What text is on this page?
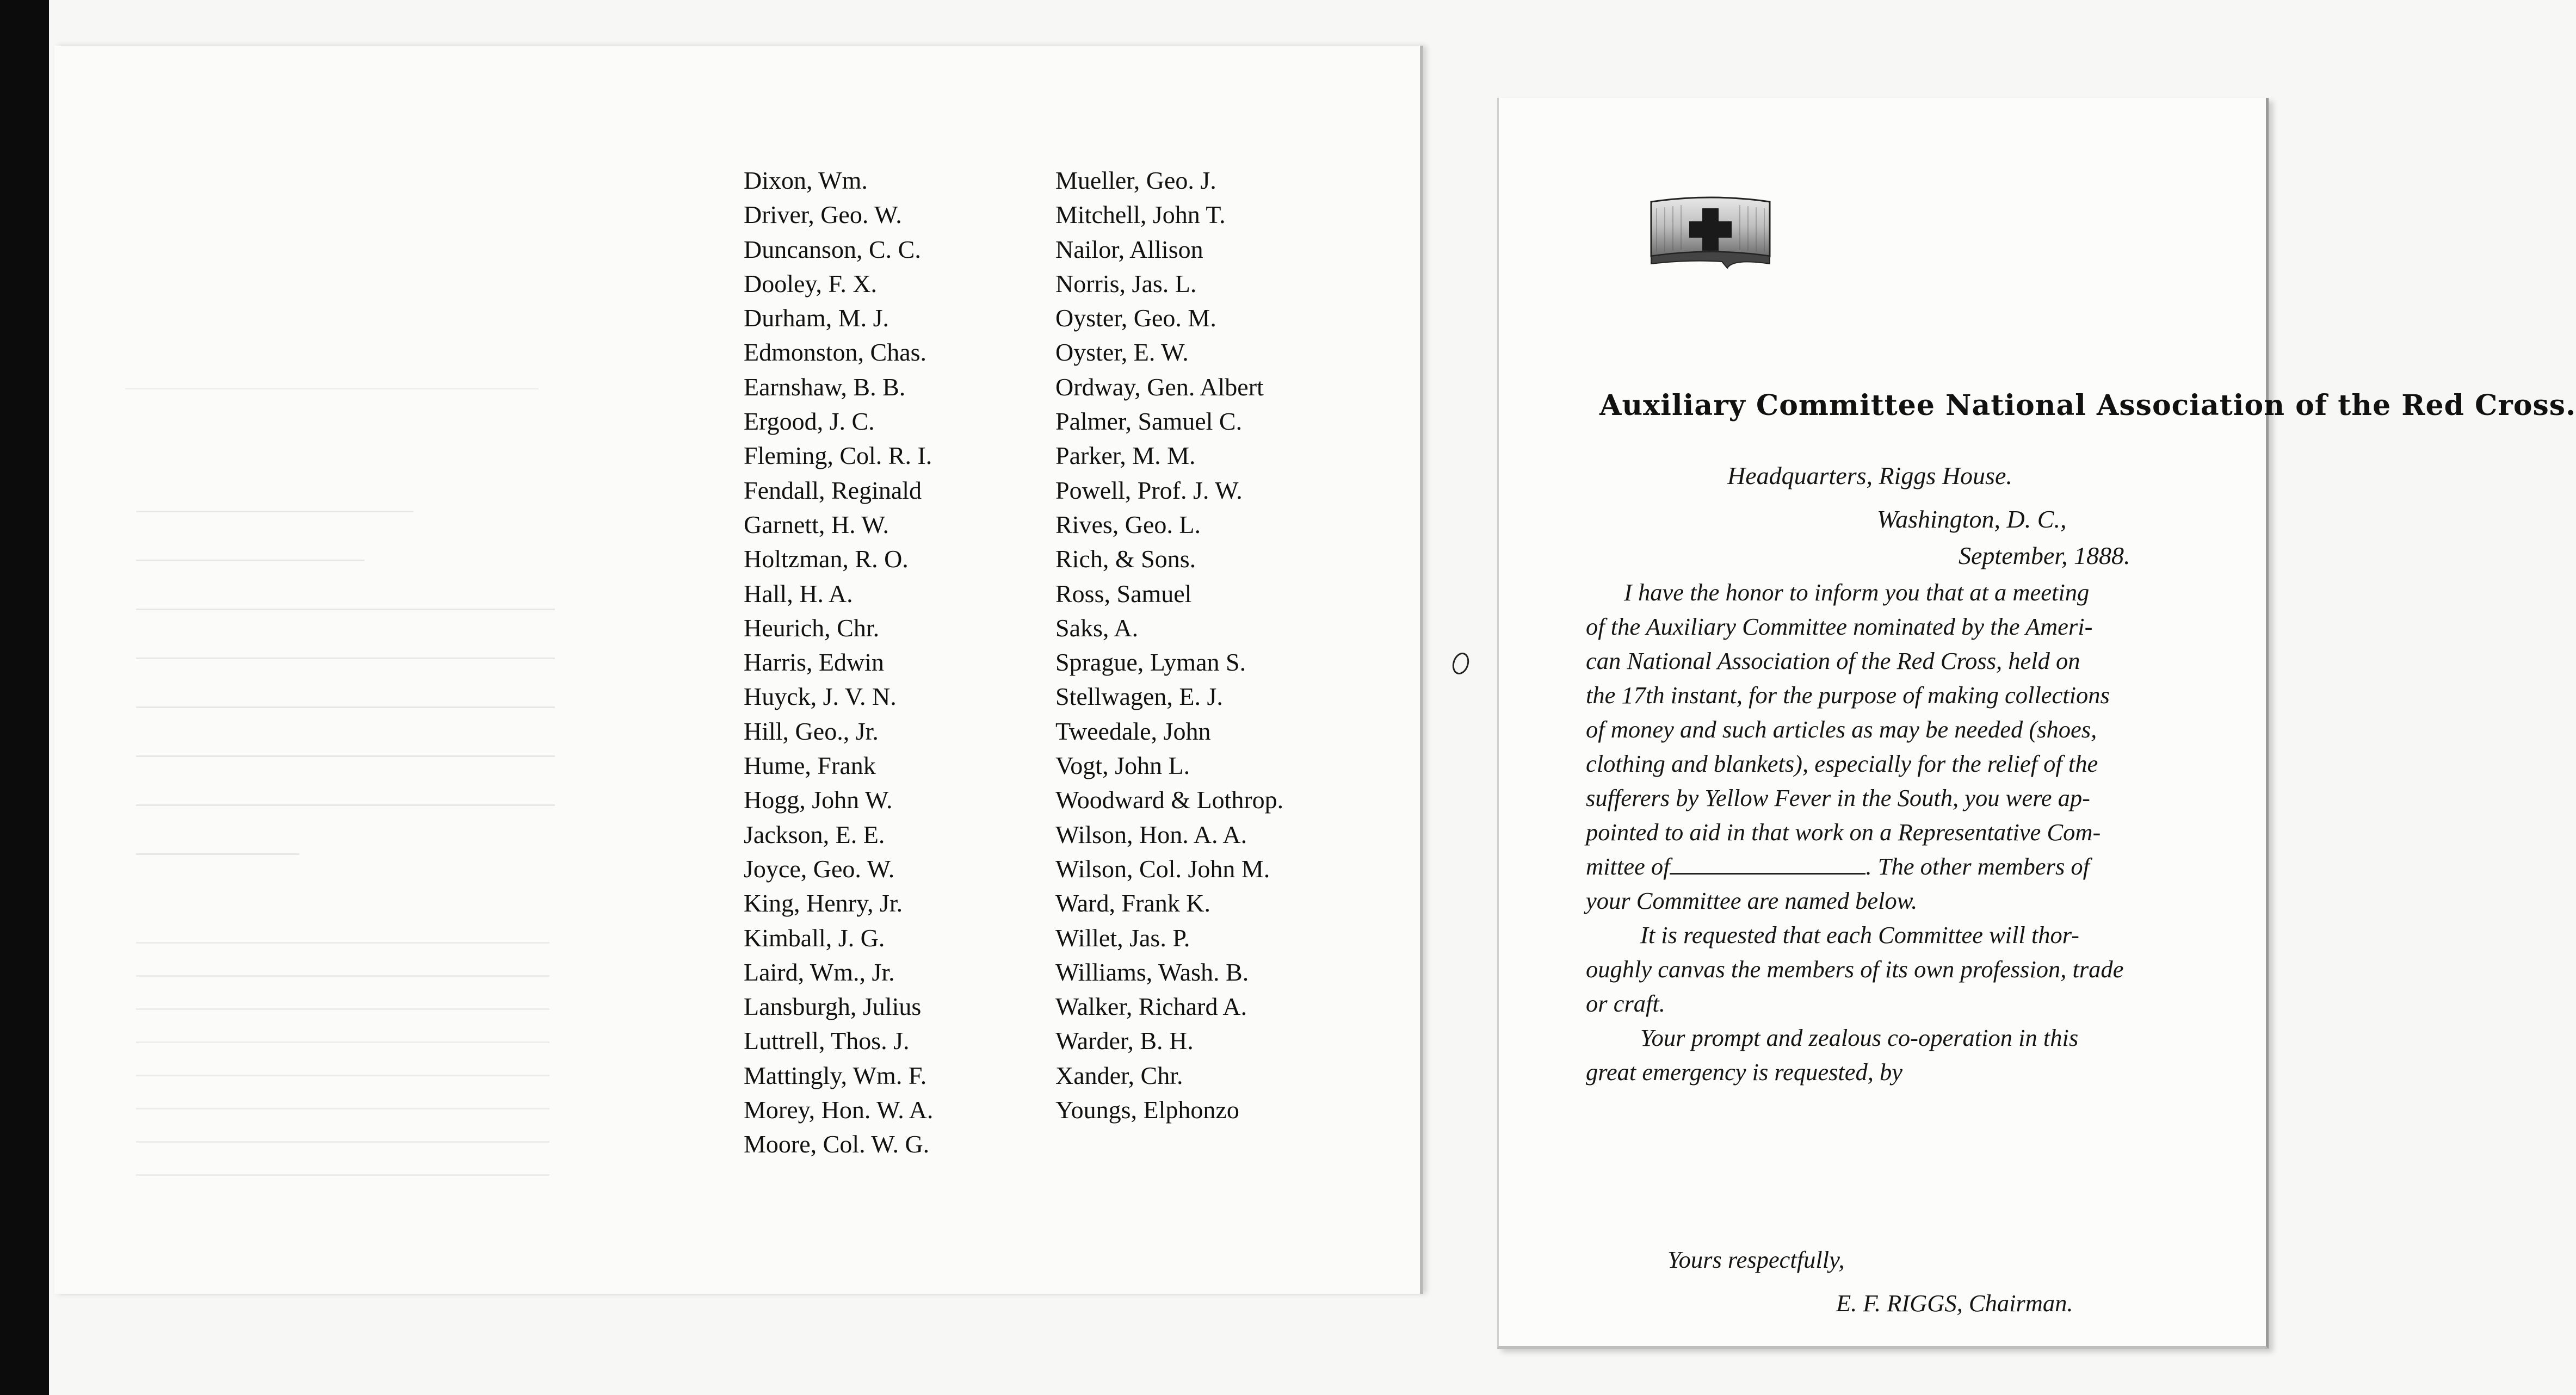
Dixon, Wm.
Driver, Geo. W.
Duncanson, C. C.
Dooley, F. X.
Durham, M. J.
Edmonston, Chas.
Earnshaw, B. B.
Ergood, J. C.
Fleming, Col. R. I.
Fendall, Reginald
Garnett, H. W.
Holtzman, R. O.
Hall, H. A.
Heurich, Chr.
Harris, Edwin
Huyck, J. V. N.
Hill, Geo., Jr.
Hume, Frank
Hogg, John W.
Jackson, E. E.
Joyce, Geo. W.
King, Henry, Jr.
Kimball, J. G.
Laird, Wm., Jr.
Lansburgh, Julius
Luttrell, Thos. J.
Mattingly, Wm. F.
Morey, Hon. W. A.
Moore, Col. W. G.
Mueller, Geo. J.
Mitchell, John T.
Nailor, Allison
Norris, Jas. L.
Oyster, Geo. M.
Oyster, E. W.
Ordway, Gen. Albert
Palmer, Samuel C.
Parker, M. M.
Powell, Prof. J. W.
Rives, Geo. L.
Rich, & Sons.
Ross, Samuel
Saks, A.
Sprague, Lyman S.
Stellwagen, E. J.
Tweedale, John
Vogt, John L.
Woodward & Lothrop.
Wilson, Hon. A. A.
Wilson, Col. John M.
Ward, Frank K.
Willet, Jas. P.
Williams, Wash. B.
Walker, Richard A.
Warder, B. H.
Xander, Chr.
Youngs, Elphonzo
Auxiliary Committee National Association of the Red Cross.
Headquarters, Riggs House.
Washington, D. C.,
September, 1888.
I have the honor to inform you that at a meeting
of the Auxiliary Committee nominated by the Ameri-
can National Association of the Red Cross, held on
the 17th instant, for the purpose of making collections
of money and such articles as may be needed (shoes,
clothing and blankets), especially for the relief of the
sufferers by Yellow Fever in the South, you were ap-
pointed to aid in that work on a Representative Com-
mittee of	. The other members of
your Committee are named below.
It is requested that each Committee will thor-
oughly canvas the members of its own profession, trade
or craft.
Your prompt and zealous co-operation in this
great emergency is requested, by
Yours respectfully,
E. F. RIGGS, Chairman.
